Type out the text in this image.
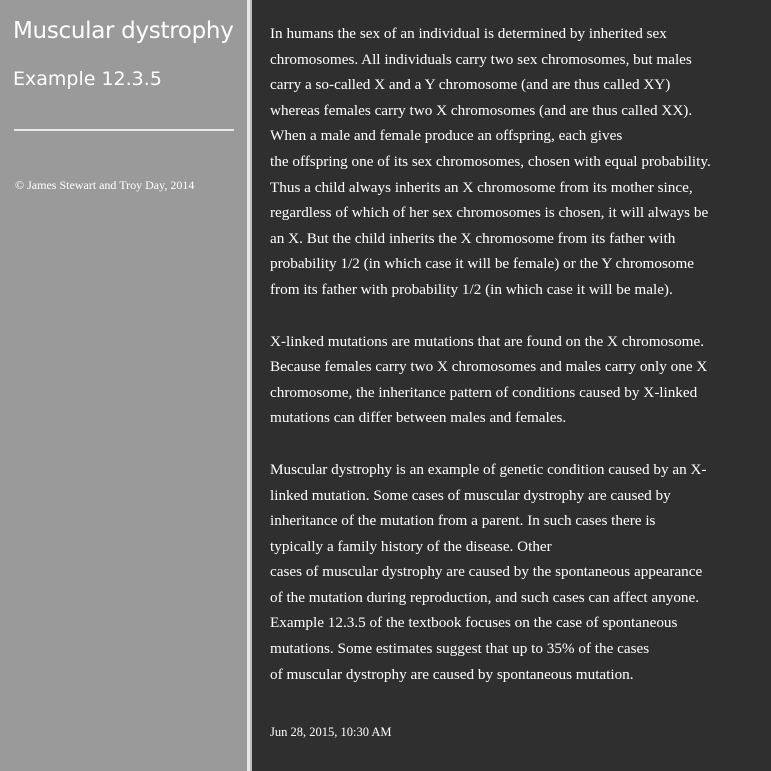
Muscular dystrophy
Example 12.3.5
© James Stewart and Troy Day, 2014
In humans the sex of an individual is determined by inherited sex
chromosomes. All individuals carry two sex chromosomes, but males
carry a so-called X and a Y chromosome (and are thus called XY)
whereas females carry two X chromosomes (and are thus called XX).
When a male and female produce an offspring, each gives
the offspring one of its sex chromosomes, chosen with equal probability.
Thus a child always inherits an X chromosome from its mother since,
regardless of which of her sex chromosomes is chosen, it will always be
an X. But the child inherits the X chromosome from its father with
probability 1/2 (in which case it will be female) or the Y chromosome
from its father with probability 1/2 (in which case it will be male).
X-linked mutations are mutations that are found on the X chromosome.
Because females carry two X chromosomes and males carry only one X
chromosome, the inheritance pattern of conditions caused by X-linked
mutations can differ between males and females.
Muscular dystrophy is an example of genetic condition caused by an X-
linked mutation. Some cases of muscular dystrophy are caused by
inheritance of the mutation from a parent. In such cases there is
typically a family history of the disease. Other
cases of muscular dystrophy are caused by the spontaneous appearance
of the mutation during reproduction, and such cases can affect anyone.
Example 12.3.5 of the textbook focuses on the case of spontaneous
mutations. Some estimates suggest that up to 35% of the cases
of muscular dystrophy are caused by spontaneous mutation.
Jun 28, 2015, 10:30 AM
